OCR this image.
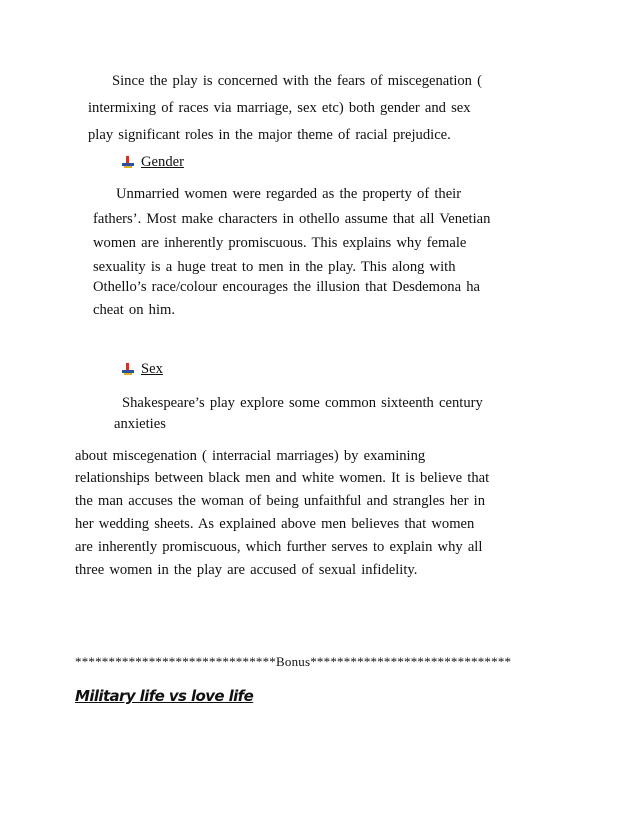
Since the play is concerned with the fears of miscegenation (
intermixing of races via marriage, sex etc) both gender and sex
play significant roles in the major theme of racial prejudice.
Gender
Unmarried women were regarded as the property of their
fathers’. Most make characters in othello assume that all Venetian
women are inherently promiscuous. This explains why female
sexuality is a huge treat to men in the play. This along with
Othello’s race/colour encourages the illusion that Desdemona ha
cheat on him.
Sex
Shakespeare’s play explore some common sixteenth century
anxieties
about miscegenation ( interracial marriages) by examining
relationships between black men and white women. It is believe that
the man accuses the woman of being unfaithful and strangles her in
her wedding sheets. As explained above men believes that women
are inherently promiscuous, which further serves to explain why all
three women in the play are accused of sexual infidelity.
******************************Bonus******************************
Military life vs love life
